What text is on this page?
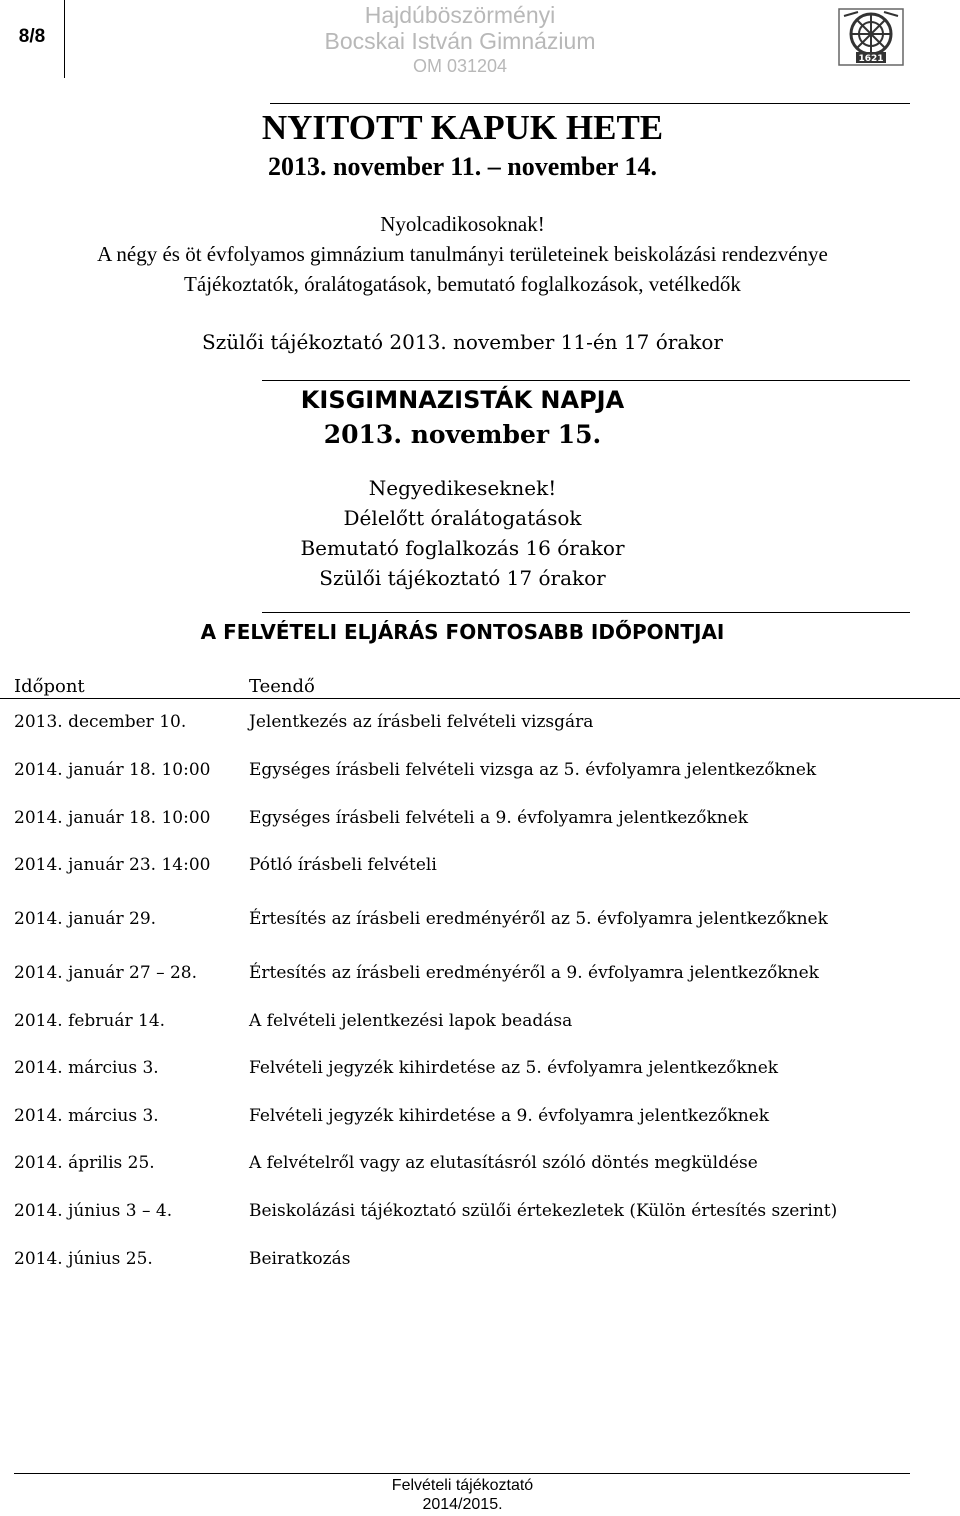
8/8
Hajdúböszörményi
Bocskai István Gimnázium
OM 031204	1621
NYITOTT KAPUK HETE
2013. november 11. – november 14.
Nyolcadikosoknak!
A négy és öt évfolyamos gimnázium tanulmányi területeinek beiskolázási rendezvénye
Tájékoztatók, óralátogatások, bemutató foglalkozások, vetélkedők
Szülői tájékoztató 2013. november 11-én 17 órakor
KISGIMNAZISTÁK NAPJA
2013. november 15.
Negyedikeseknek!
Délelőtt óralátogatások
Bemutató foglalkozás 16 órakor
Szülői tájékoztató 17 órakor
A FELVÉTELI ELJÁRÁS FONTOSABB IDŐPONTJAI
Időpont	Teendő
2013. december 10.	Jelentkezés az írásbeli felvételi vizsgára
2014. január 18. 10:00 Egységes írásbeli felvételi vizsga az 5. évfolyamra jelentkezőknek
2014. január 18. 10:00 Egységes írásbeli felvételi a 9. évfolyamra jelentkezőknek
2014. január 23. 14:00 Pótló írásbeli felvételi
2014. január 29.	Értesítés az írásbeli eredményéről az 5. évfolyamra jelentkezőknek
2014. január 27 – 28.	Értesítés az írásbeli eredményéről a 9. évfolyamra jelentkezőknek
2014. február 14.	A felvételi jelentkezési lapok beadása
2014. március 3.	Felvételi jegyzék kihirdetése az 5. évfolyamra jelentkezőknek
2014. március 3.	Felvételi jegyzék kihirdetése a 9. évfolyamra jelentkezőknek
2014. április 25.	A felvételről vagy az elutasításról szóló döntés megküldése
2014. június 3 – 4.	Beiskolázási tájékoztató szülői értekezletek (Külön értesítés szerint)
2014. június 25.	Beiratkozás
Felvételi tájékoztató
2014/2015.
